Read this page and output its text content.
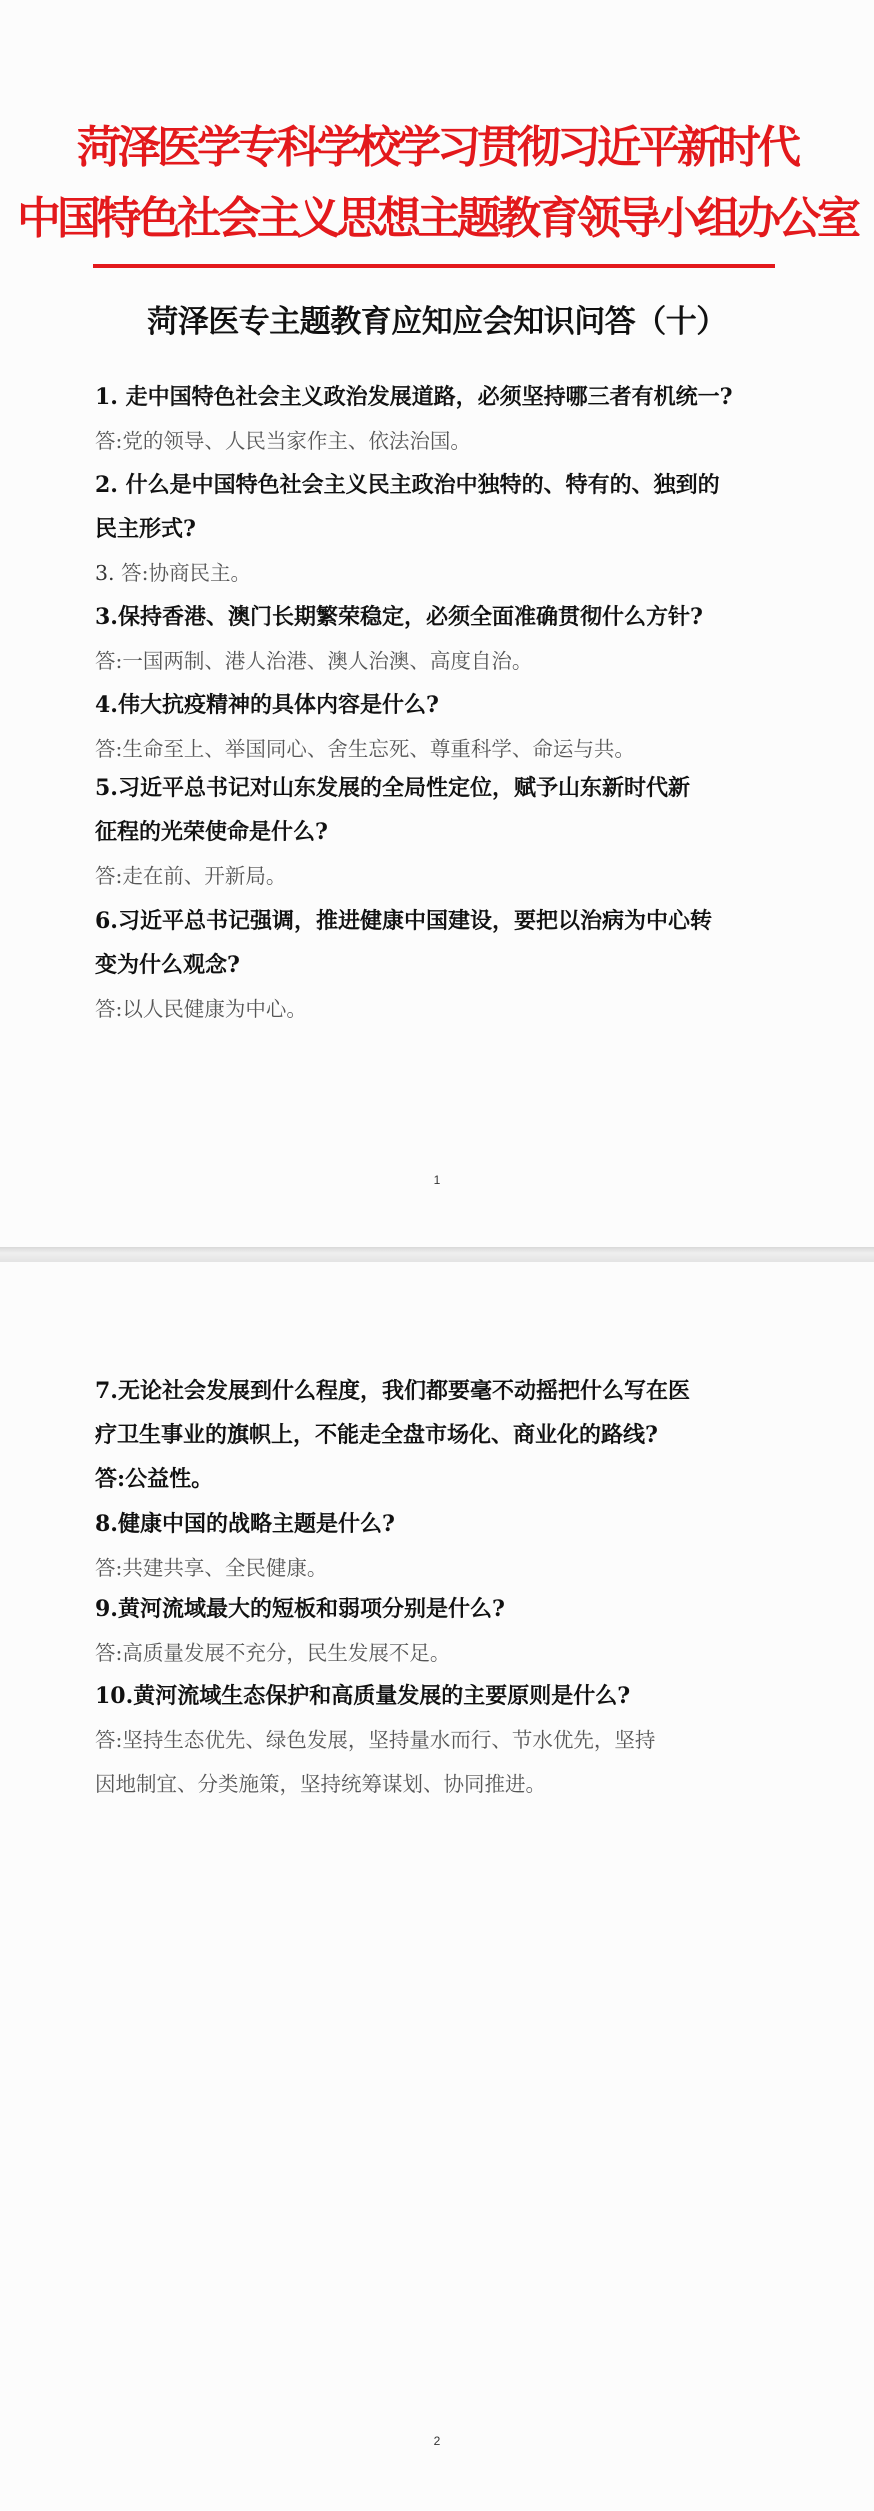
菏泽医学专科学校学习贯彻习近平新时代
中国特色社会主义思想主题教育领导小组办公室
菏泽医专主题教育应知应会知识问答（十）
1. 走中国特色社会主义政治发展道路，必须坚持哪三者有机统一?
答:党的领导、人民当家作主、依法治国。
2. 什么是中国特色社会主义民主政治中独特的、特有的、独到的
民主形式?
3. 答:协商民主。
3.保持香港、澳门长期繁荣稳定，必须全面准确贯彻什么方针?
答:一国两制、港人治港、澳人治澳、高度自治。
4.伟大抗疫精神的具体内容是什么?
答:生命至上、举国同心、舍生忘死、尊重科学、命运与共。
5.习近平总书记对山东发展的全局性定位，赋予山东新时代新
征程的光荣使命是什么?
答:走在前、开新局。
6.习近平总书记强调，推进健康中国建设，要把以治病为中心转
变为什么观念?
答:以人民健康为中心。
1
7.无论社会发展到什么程度，我们都要毫不动摇把什么写在医
疗卫生事业的旗帜上，不能走全盘市场化、商业化的路线?
答:公益性。
8.健康中国的战略主题是什么?
答:共建共享、全民健康。
9.黄河流域最大的短板和弱项分别是什么?
答:高质量发展不充分，民生发展不足。
10.黄河流域生态保护和高质量发展的主要原则是什么?
答:坚持生态优先、绿色发展，坚持量水而行、节水优先，坚持
因地制宜、分类施策，坚持统筹谋划、协同推进。
2
